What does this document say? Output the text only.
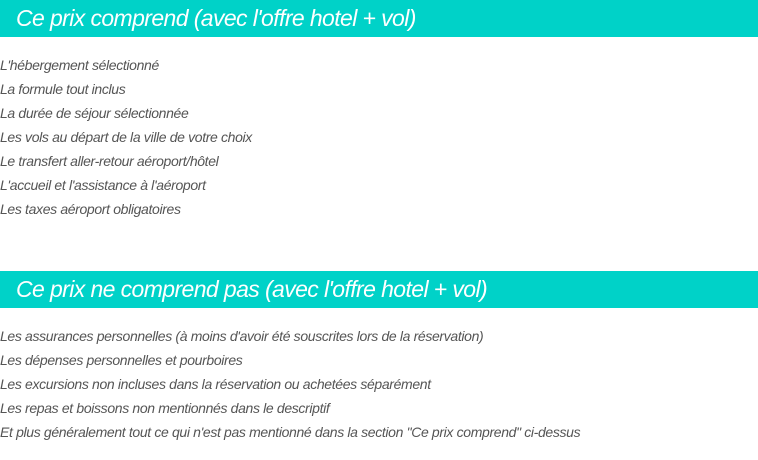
Ce prix comprend (avec l'offre hotel + vol)
L'hébergement sélectionné
La formule tout inclus
La durée de séjour sélectionnée
Les vols au départ de la ville de votre choix
Le transfert aller-retour aéroport/hôtel
L'accueil et l'assistance à l'aéroport
Les taxes aéroport obligatoires
Ce prix ne comprend pas (avec l'offre hotel + vol)
Les assurances personnelles (à moins d'avoir été souscrites lors de la réservation)
Les dépenses personnelles et pourboires
Les excursions non incluses dans la réservation ou achetées séparément
Les repas et boissons non mentionnés dans le descriptif
Et plus généralement tout ce qui n'est pas mentionné dans la section "Ce prix comprend" ci-dessus
